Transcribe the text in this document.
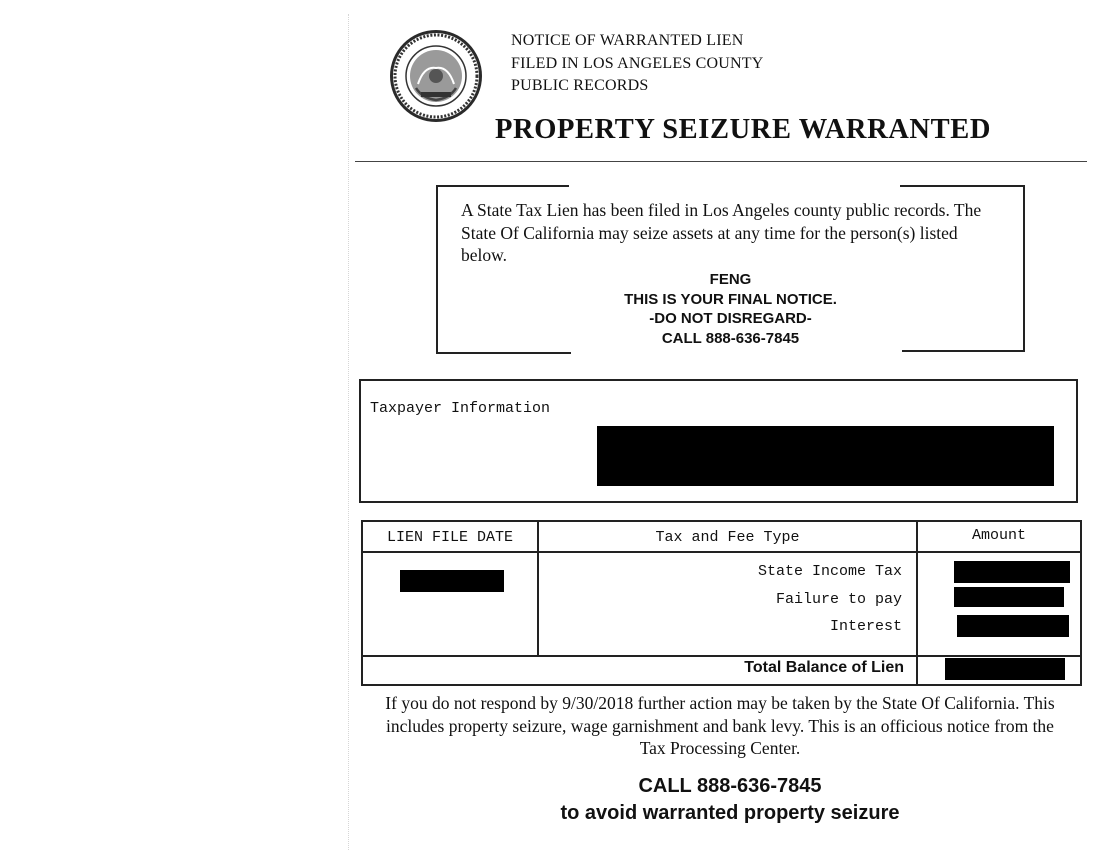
NOTICE OF WARRANTED LIEN
FILED IN LOS ANGELES COUNTY
PUBLIC RECORDS
PROPERTY SEIZURE WARRANTED
A State Tax Lien has been filed in Los Angeles county public records. The State Of California may seize assets at any time for the person(s) listed below.
FENG
THIS IS YOUR FINAL NOTICE.
-DO NOT DISREGARD-
CALL 888-636-7845
Taxpayer Information
LIEN FILE DATE	Tax and Fee Type	Amount
State Income Tax
Failure to pay
Interest
Total Balance of Lien
If you do not respond by 9/30/2018 further action may be taken by the State Of California. This includes property seizure, wage garnishment and bank levy. This is an officious notice from the Tax Processing Center.
CALL 888-636-7845
to avoid warranted property seizure
